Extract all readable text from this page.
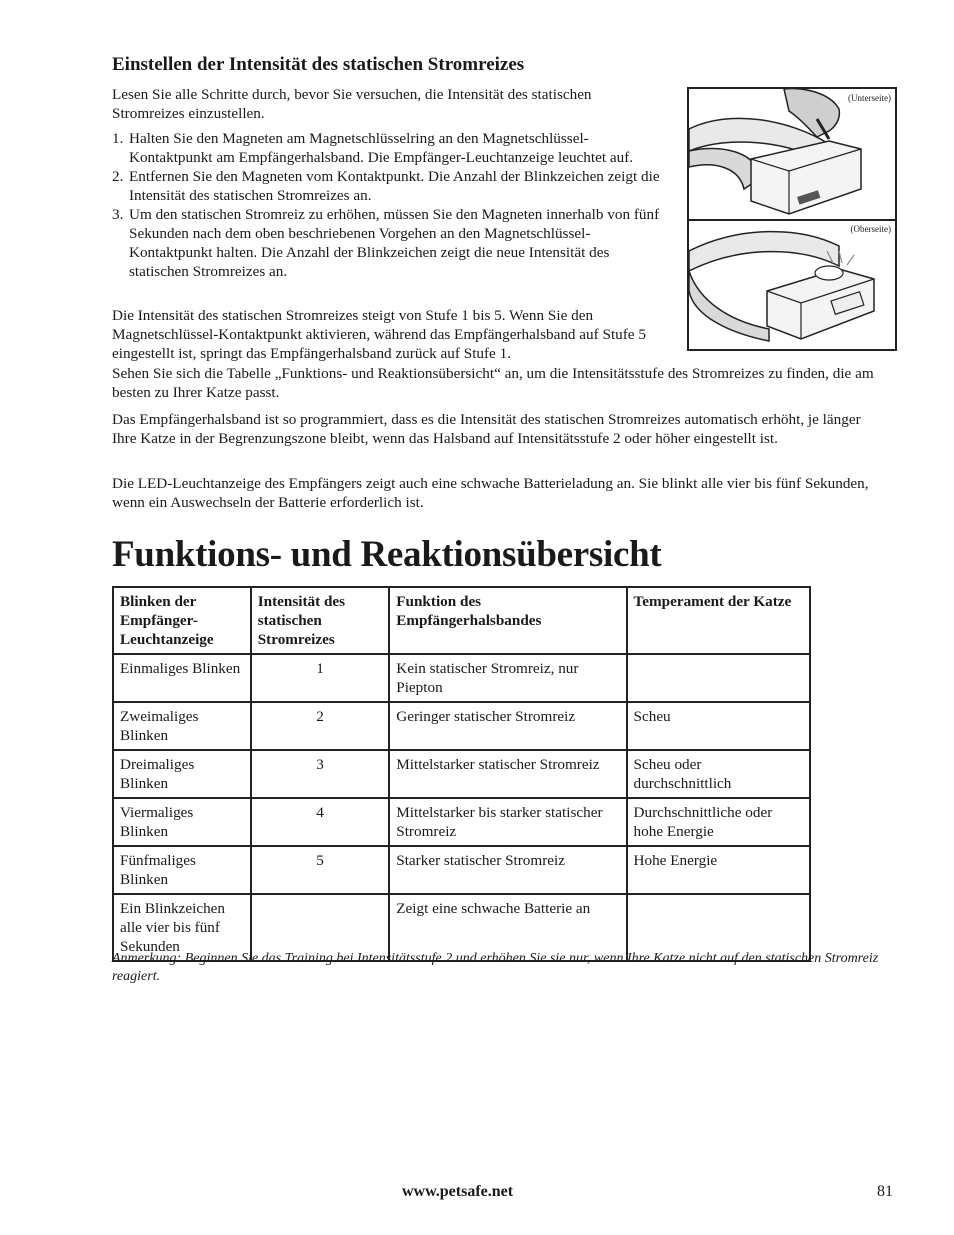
Einstellen der Intensität des statischen Stromreizes

Lesen Sie alle Schritte durch, bevor Sie versuchen, die Intensität des statischen Stromreizes einzustellen.

1. Halten Sie den Magneten am Magnetschlüsselring an den Magnetschlüssel-Kontaktpunkt am Empfängerhalsband. Die Empfänger-Leuchtanzeige leuchtet auf.
2. Entfernen Sie den Magneten vom Kontaktpunkt. Die Anzahl der Blinkzeichen zeigt die Intensität des statischen Stromreizes an.
3. Um den statischen Stromreiz zu erhöhen, müssen Sie den Magneten innerhalb von fünf Sekunden nach dem oben beschriebenen Vorgehen an den Magnetschlüssel-Kontaktpunkt halten. Die Anzahl der Blinkzeichen zeigt die neue Intensität des statischen Stromreizes an.

Die Intensität des statischen Stromreizes steigt von Stufe 1 bis 5. Wenn Sie den Magnetschlüssel-Kontaktpunkt aktivieren, während das Empfängerhalsband auf Stufe 5 eingestellt ist, springt das Empfängerhalsband zurück auf Stufe 1.

Sehen Sie sich die Tabelle „Funktions- und Reaktionsübersicht“ an, um die Intensitätsstufe des Stromreizes zu finden, die am besten zu Ihrer Katze passt.

Das Empfängerhalsband ist so programmiert, dass es die Intensität des statischen Stromreizes automatisch erhöht, je länger Ihre Katze in der Begrenzungszone bleibt, wenn das Halsband auf Intensitätsstufe 2 oder höher eingestellt ist.

Die LED-Leuchtanzeige des Empfängers zeigt auch eine schwache Batterieladung an. Sie blinkt alle vier bis fünf Sekunden, wenn ein Auswechseln der Batterie erforderlich ist.

(Unterseite)
(Oberseite)
Funktions- und Reaktionsübersicht
Blinken der Empfänger-Leuchtanzeige	Intensität des statischen Stromreizes	Funktion des Empfängerhalsbandes	Temperament der Katze
Einmaliges Blinken	1	Kein statischer Stromreiz, nur Piepton	
Zweimaliges Blinken	2	Geringer statischer Stromreiz	Scheu
Dreimaliges Blinken	3	Mittelstarker statischer Stromreiz	Scheu oder durchschnittlich
Viermaliges Blinken	4	Mittelstarker bis starker statischer Stromreiz	Durchschnittliche oder hohe Energie
Fünfmaliges Blinken	5	Starker statischer Stromreiz	Hohe Energie
Ein Blinkzeichen alle vier bis fünf Sekunden		Zeigt eine schwache Batterie an	

Anmerkung: Beginnen Sie das Training bei Intensitätsstufe 2 und erhöhen Sie sie nur, wenn Ihre Katze nicht auf den statischen Stromreiz reagiert.

www.petsafe.net	81
